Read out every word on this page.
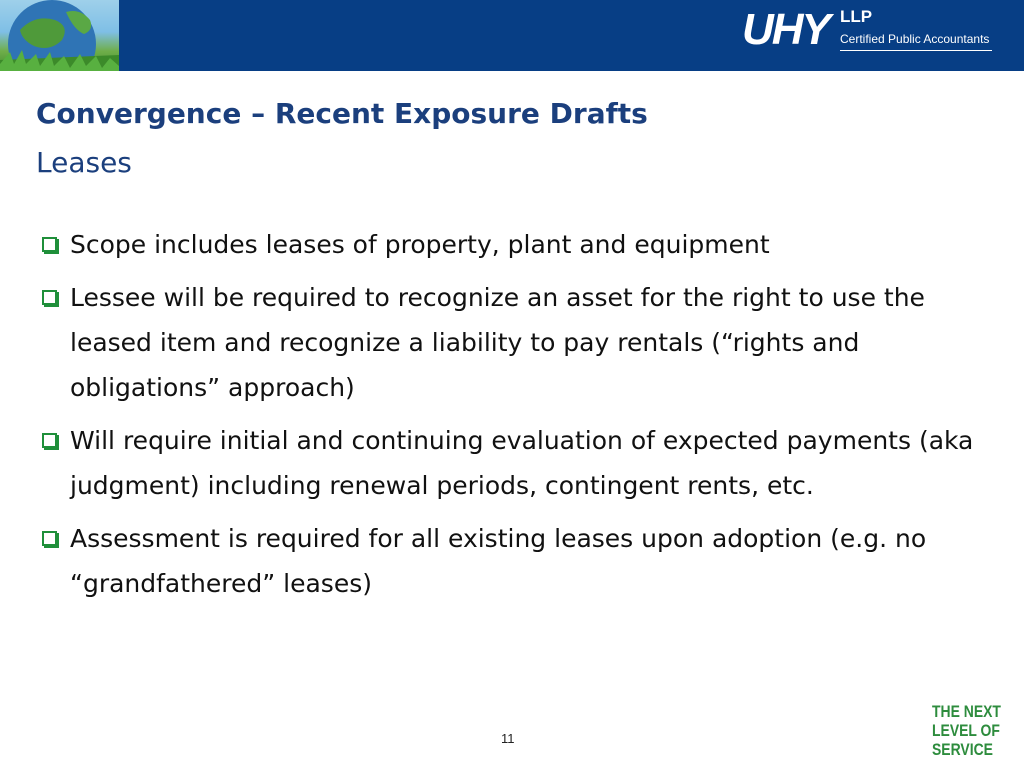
UHY LLP
Certified Public Accountants
Convergence – Recent Exposure Drafts
Leases
Scope includes leases of property, plant and equipment
Lessee will be required to recognize an asset for the right to use the leased item and recognize a liability to pay rentals (“rights and obligations” approach)
Will require initial and continuing evaluation of expected payments (aka judgment) including renewal periods, contingent rents, etc.
Assessment is required for all existing leases upon adoption (e.g. no “grandfathered” leases)
11
THE NEXT
LEVEL OF
SERVICE
